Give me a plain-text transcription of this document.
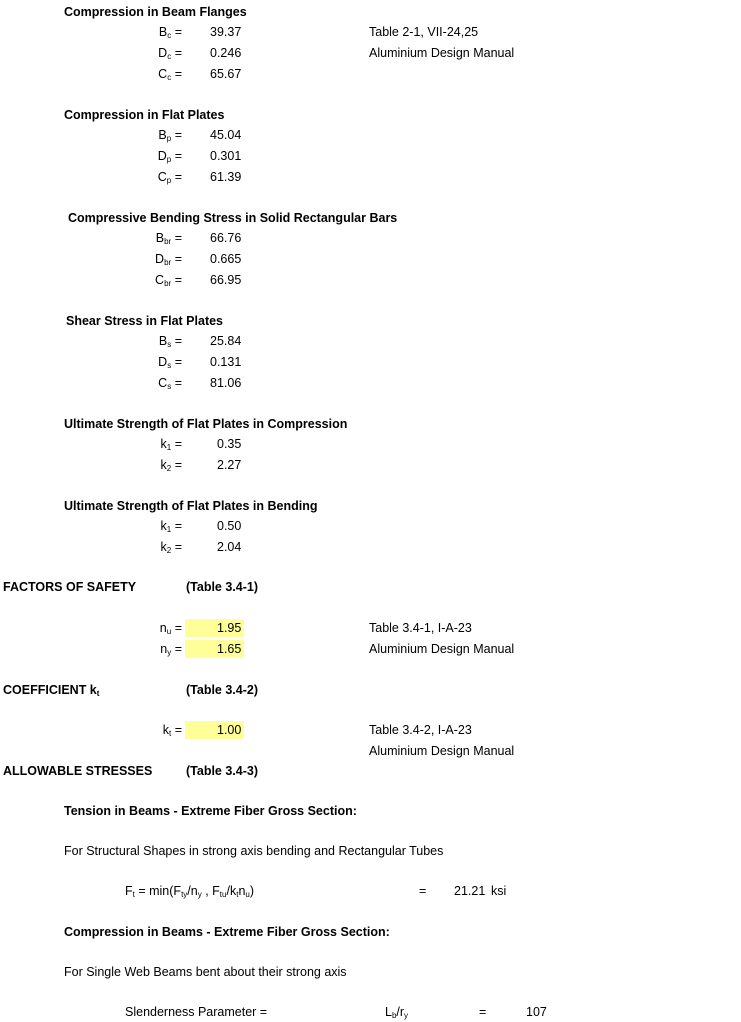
Compression in Beam Flanges
$B_c = 39.37$
$D_c = 0.246$
$C_c = 65.67$
Table 2-1, VII-24,25
Aluminium Design Manual
Compression in Flat Plates
$B_p = 45.04$
$D_p = 0.301$
$C_p = 61.39$
Compressive Bending Stress in Solid Rectangular Bars
$B_{br} = 66.76$
$D_{br} = 0.665$
$C_{br} = 66.95$
Shear Stress in Flat Plates
$B_s = 25.84$
$D_s = 0.131$
$C_s = 81.06$
Ultimate Strength of Flat Plates in Compression
$k_1$ =	0.35
$k_2$ =	2.27
Ultimate Strength of Flat Plates in Bending
$k_1$ =	0.50
$k_2$ =	2.04
FACTORS OF SAFETY	(Table 3.4-1)
$n_u$ =	1.95
$n_y$ =	1.65
Table 3.4-1, I-A-23
Aluminium Design Manual
COEFFICIENT $k_t$	(Table 3.4-2)
$k_t$ =	1.00	Table 3.4-2, I-A-23
Aluminium Design Manual
ALLOWABLE STRESSES	(Table 3.4-3)
Tension in Beams - Extreme Fiber Gross Section:
For Structural Shapes in strong axis bending and Rectangular Tubes
$F_t = \min(F_{ty}/n_y$ , $F_{tu}/k_tn_u$)	= 21.21 ksi
Compression in Beams - Extreme Fiber Gross Section:
For Single Web Beams bent about their strong axis
Slenderness Parameter =	$L_b/r_y$	=	107
